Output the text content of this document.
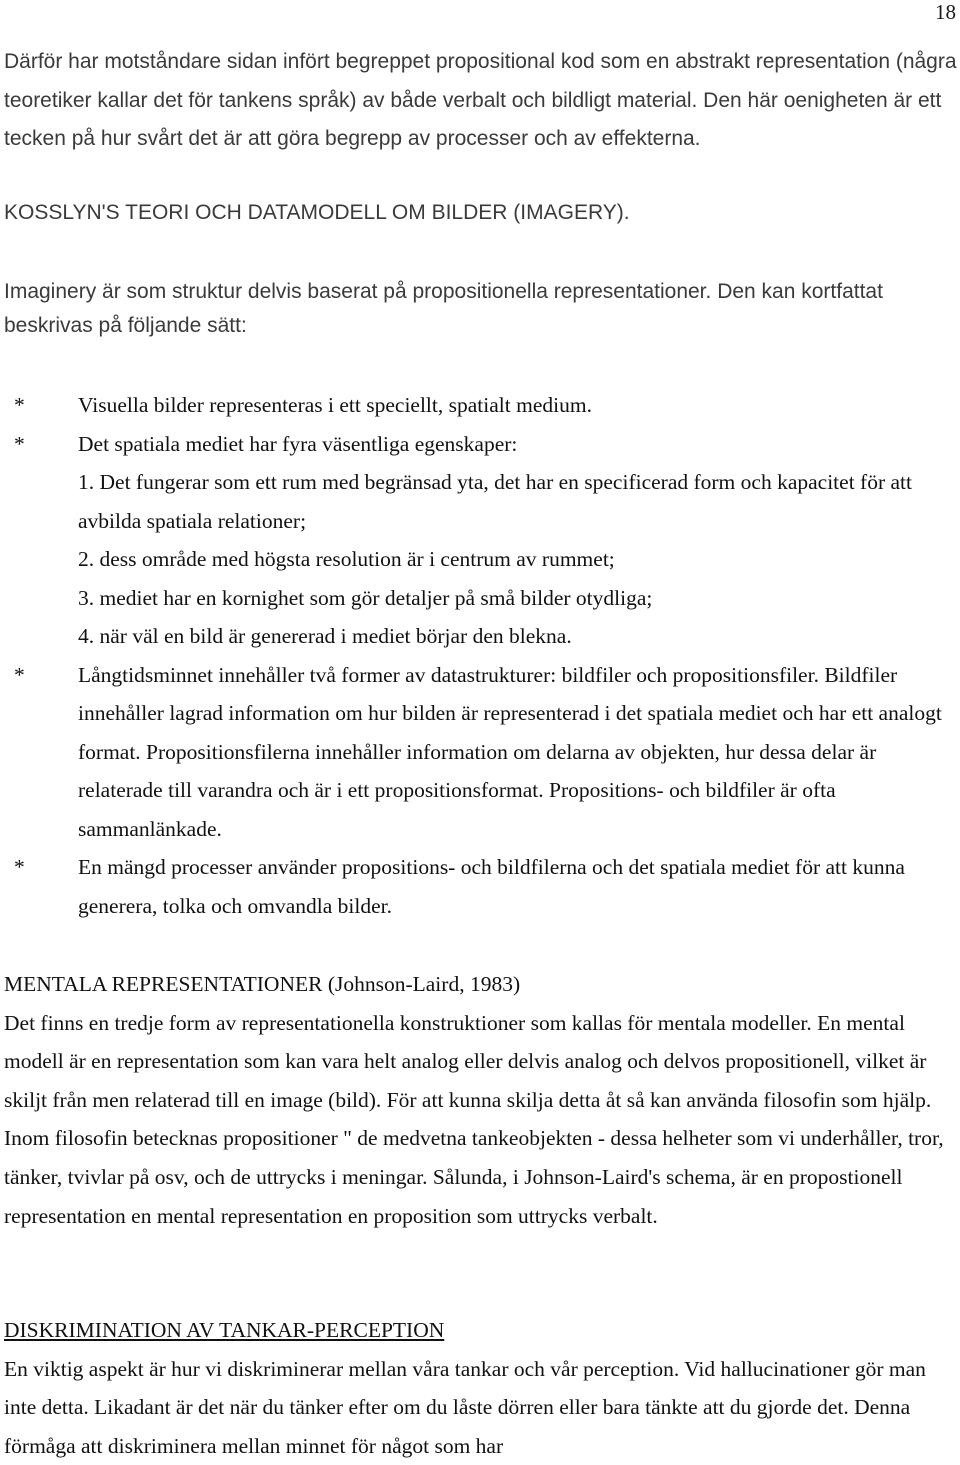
18

Därför har motståndare sidan infört begreppet propositional kod som en abstrakt representation (några teoretiker kallar det för tankens språk) av både verbalt och bildligt material. Den här oenigheten är ett tecken på hur svårt det är att göra begrepp av processer och av effekterna.

KOSSLYN'S TEORI OCH DATAMODELL OM BILDER (IMAGERY).

Imaginery är som struktur delvis baserat på propositionella representationer. Den kan kortfattat beskrivas på följande sätt:

* Visuella bilder representeras i ett speciellt, spatialt medium.
* Det spatiala mediet har fyra väsentliga egenskaper:
1. Det fungerar som ett rum med begränsad yta, det har en specificerad form och kapacitet för att avbilda spatiala relationer;
2. dess område med högsta resolution är i centrum av rummet;
3. mediet har en kornighet som gör detaljer på små bilder otydliga;
4. när väl en bild är genererad i mediet börjar den blekna.
* Långtidsminnet innehåller två former av datastrukturer: bildfiler och propositionsfiler. Bildfiler innehåller lagrad information om hur bilden är representerad i det spatiala mediet och har ett analogt format. Propositionsfilerna innehåller information om delarna av objekten, hur dessa delar är relaterade till varandra och är i ett propositionsformat. Propositions- och bildfiler är ofta sammanlänkade.
* En mängd processer använder propositions- och bildfilerna och det spatiala mediet för att kunna generera, tolka och omvandla bilder.
MENTALA REPRESENTATIONER (Johnson-Laird, 1983)
Det finns en tredje form av representationella konstruktioner som kallas för mentala modeller. En mental modell är en representation som kan vara helt analog eller delvis analog och delvos propositionell, vilket är skiljt från men relaterad till en image (bild). För att kunna skilja detta åt så kan använda filosofin som hjälp. Inom filosofin betecknas propositioner " de medvetna tankeobjekten - dessa helheter som vi underhåller, tror, tänker, tvivlar på osv, och de uttrycks i meningar. Sålunda, i Johnson-Laird's schema, är en propostionell representation en mental representation en proposition som uttrycks verbalt.
DISKRIMINATION AV TANKAR-PERCEPTION
En viktig aspekt är hur vi diskriminerar mellan våra tankar och vår perception. Vid hallucinationer gör man inte detta. Likadant är det när du tänker efter om du låste dörren eller bara tänkte att du gjorde det. Denna förmåga att diskriminera mellan minnet för något som har
